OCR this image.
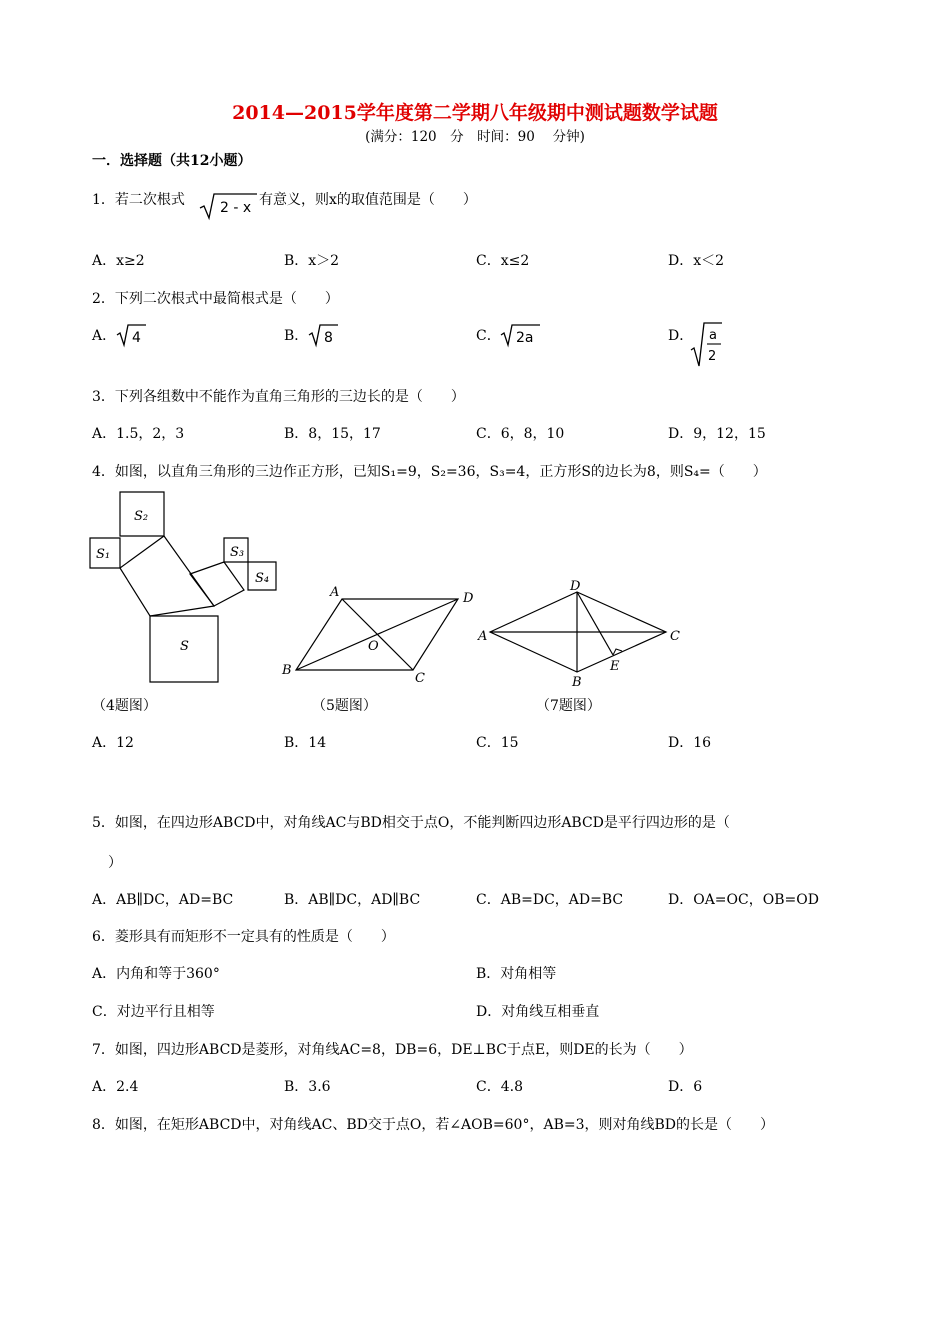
2014—2015学年度第二学期八年级期中测试题数学试题
(满分：120　分　时间：90　 分钟)
一．选择题（共12小题）
1．若二次根式	2 - x 有意义，则x的取值范围是（　　）
A．x≥2	B．x＞2	C．x≤2	D．x＜2
2．下列二次根式中最简根式是（　　）
A． 4	B． 8	C． 2a	D． a
2
3．下列各组数中不能作为直角三角形的三边长的是（　　）
A．1.5，2，3	B．8，15，17	C．6，8，10	D．9，12，15
4．如图，以直角三角形的三边作正方形，已知S₁=9，S₂=36，S₃=4，正方形S的边长为8，则S₄=（　　）
S₂
S₁	S₃
S₄
S
A	D
B
C
O
A
D
C
B
E
（4题图）	（5题图）	（7题图）
A．12	B．14	C．15	D．16
5．如图，在四边形ABCD中，对角线AC与BD相交于点O，不能判断四边形ABCD是平行四边形的是（
）
A．AB∥DC，AD=BC	B．AB∥DC，AD∥BC	C．AB=DC，AD=BC	D．OA=OC，OB=OD
6．菱形具有而矩形不一定具有的性质是（　　）
A．内角和等于360°	B．对角相等
C．对边平行且相等	D．对角线互相垂直
7．如图，四边形ABCD是菱形，对角线AC=8，DB=6，DE⊥BC于点E，则DE的长为（　　）
A．2.4	B．3.6	C．4.8	D．6
8．如图，在矩形ABCD中，对角线AC、BD交于点O，若∠AOB=60°，AB=3，则对角线BD的长是（　　）
